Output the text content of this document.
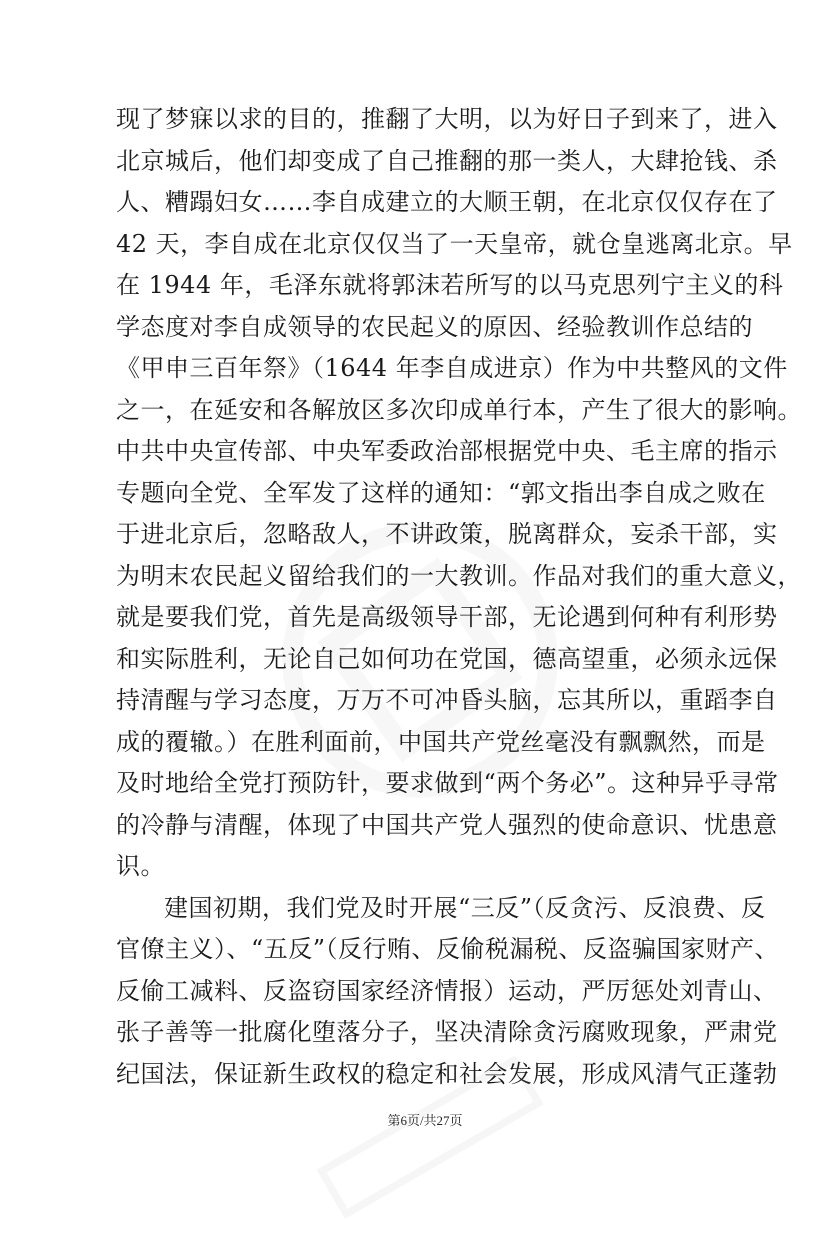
现了梦寐以求的目的，推翻了大明，以为好日子到来了，进入
北京城后，他们却变成了自己推翻的那一类人，大肆抢钱、杀
人、糟蹋妇女……李自成建立的大顺王朝，在北京仅仅存在了
42 天，李自成在北京仅仅当了一天皇帝，就仓皇逃离北京。早
在 1944 年，毛泽东就将郭沫若所写的以马克思列宁主义的科
学态度对李自成领导的农民起义的原因、经验教训作总结的
《甲申三百年祭》（1644 年李自成进京）作为中共整风的文件
之一，在延安和各解放区多次印成单行本，产生了很大的影响。
中共中央宣传部、中央军委政治部根据党中央、毛主席的指示
专题向全党、全军发了这样的通知：“郭文指出李自成之败在
于进北京后，忽略敌人，不讲政策，脱离群众，妄杀干部，实
为明末农民起义留给我们的一大教训。作品对我们的重大意义，
就是要我们党，首先是高级领导干部，无论遇到何种有利形势
和实际胜利，无论自己如何功在党国，德高望重，必须永远保
持清醒与学习态度，万万不可冲昏头脑，忘其所以，重蹈李自
成的覆辙。）在胜利面前，中国共产党丝毫没有飘飘然，而是
及时地给全党打预防针，要求做到“两个务必”。这种异乎寻常
的冷静与清醒，体现了中国共产党人强烈的使命意识、忧患意
识。
建国初期，我们党及时开展“三反”（反贪污、反浪费、反
官僚主义）、“五反”（反行贿、反偷税漏税、反盗骗国家财产、
反偷工减料、反盗窃国家经济情报）运动，严厉惩处刘青山、
张子善等一批腐化堕落分子，坚决清除贪污腐败现象，严肃党
纪国法，保证新生政权的稳定和社会发展，形成风清气正蓬勃
第6页/共27页
